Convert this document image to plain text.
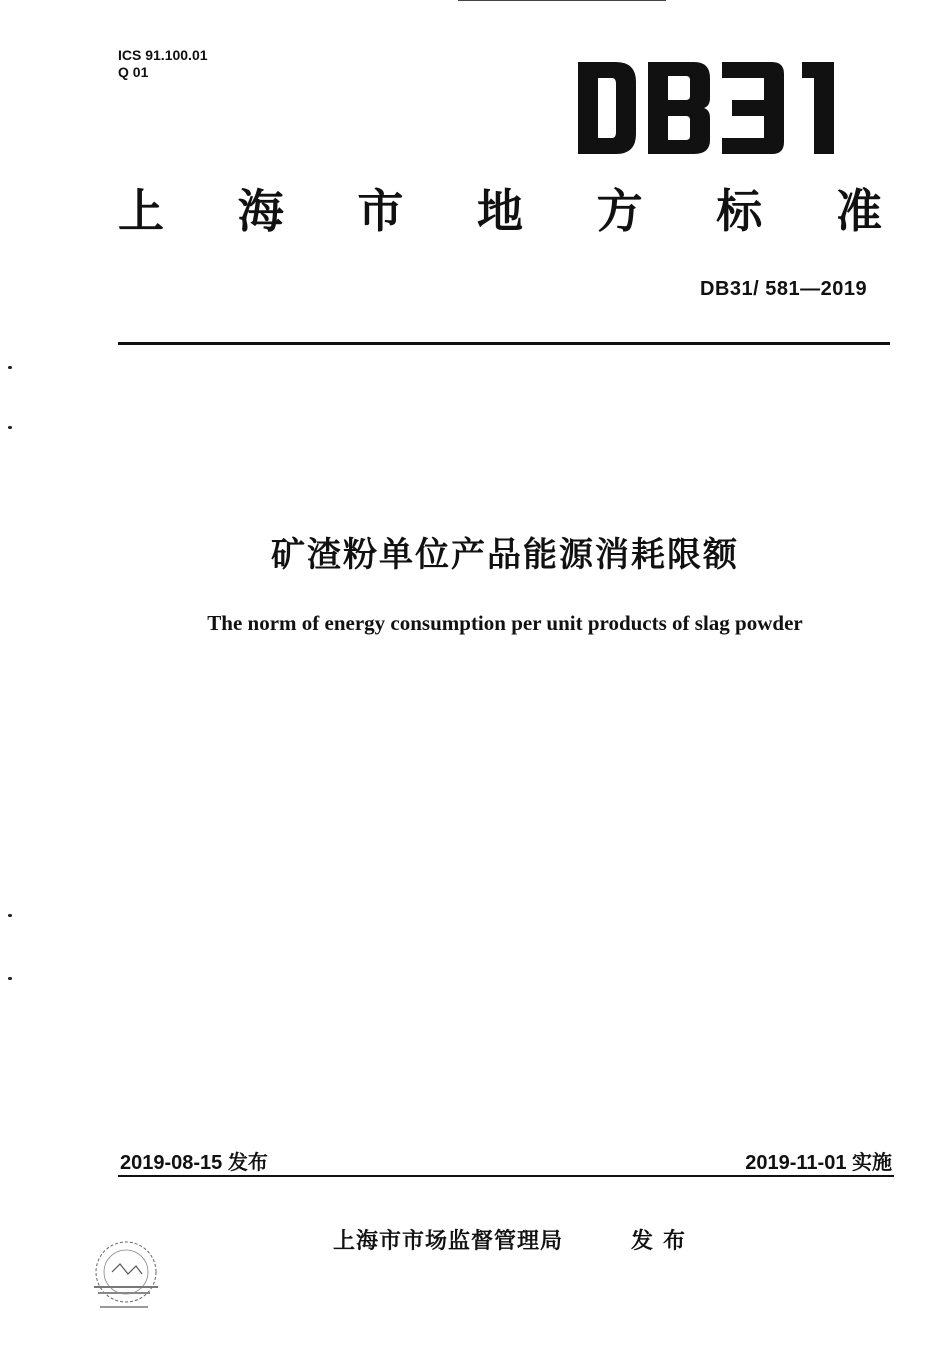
ICS 91.100.01
Q 01
上 海 市 地 方 标 准
DB31/ 581—2019
矿渣粉单位产品能源消耗限额
The norm of energy consumption per unit products of slag powder
2019-08-15 发布	2019-11-01 实施
上海市市场监督管理局	发布
